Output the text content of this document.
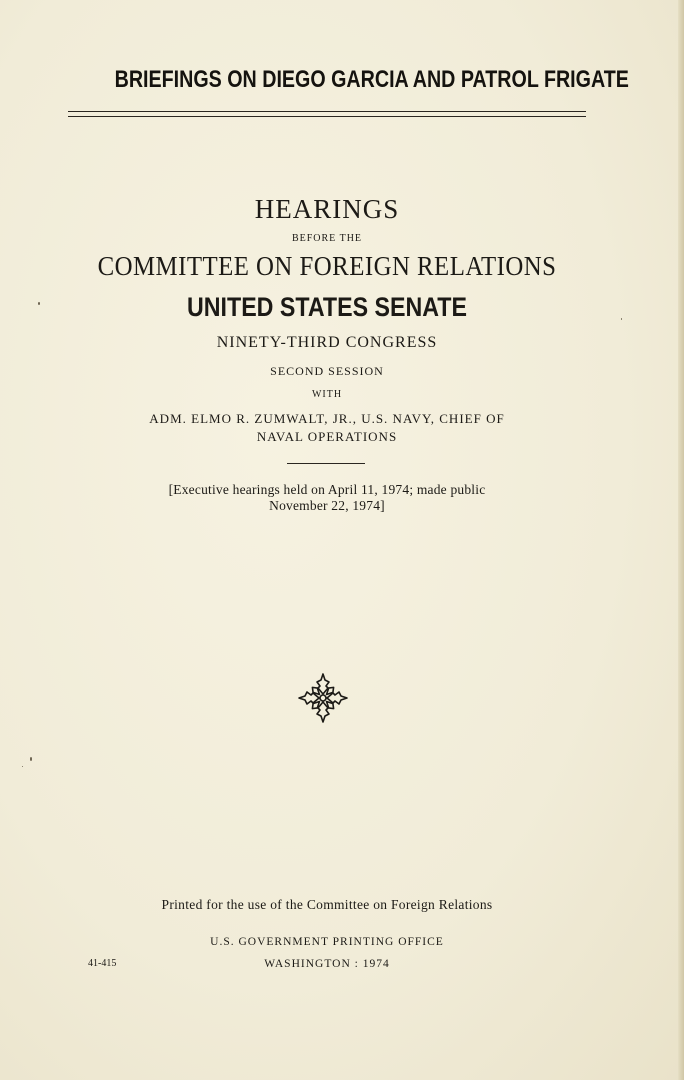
BRIEFINGS ON DIEGO GARCIA AND PATROL FRIGATE
HEARINGS
BEFORE THE
COMMITTEE ON FOREIGN RELATIONS
UNITED STATES SENATE
NINETY-THIRD CONGRESS
SECOND SESSION
WITH
ADM. ELMO R. ZUMWALT, JR., U.S. NAVY, CHIEF OF
NAVAL OPERATIONS
[Executive hearings held on April 11, 1974; made public
November 22, 1974]
Printed for the use of the Committee on Foreign Relations
U.S. GOVERNMENT PRINTING OFFICE
WASHINGTON : 1974
41-415
